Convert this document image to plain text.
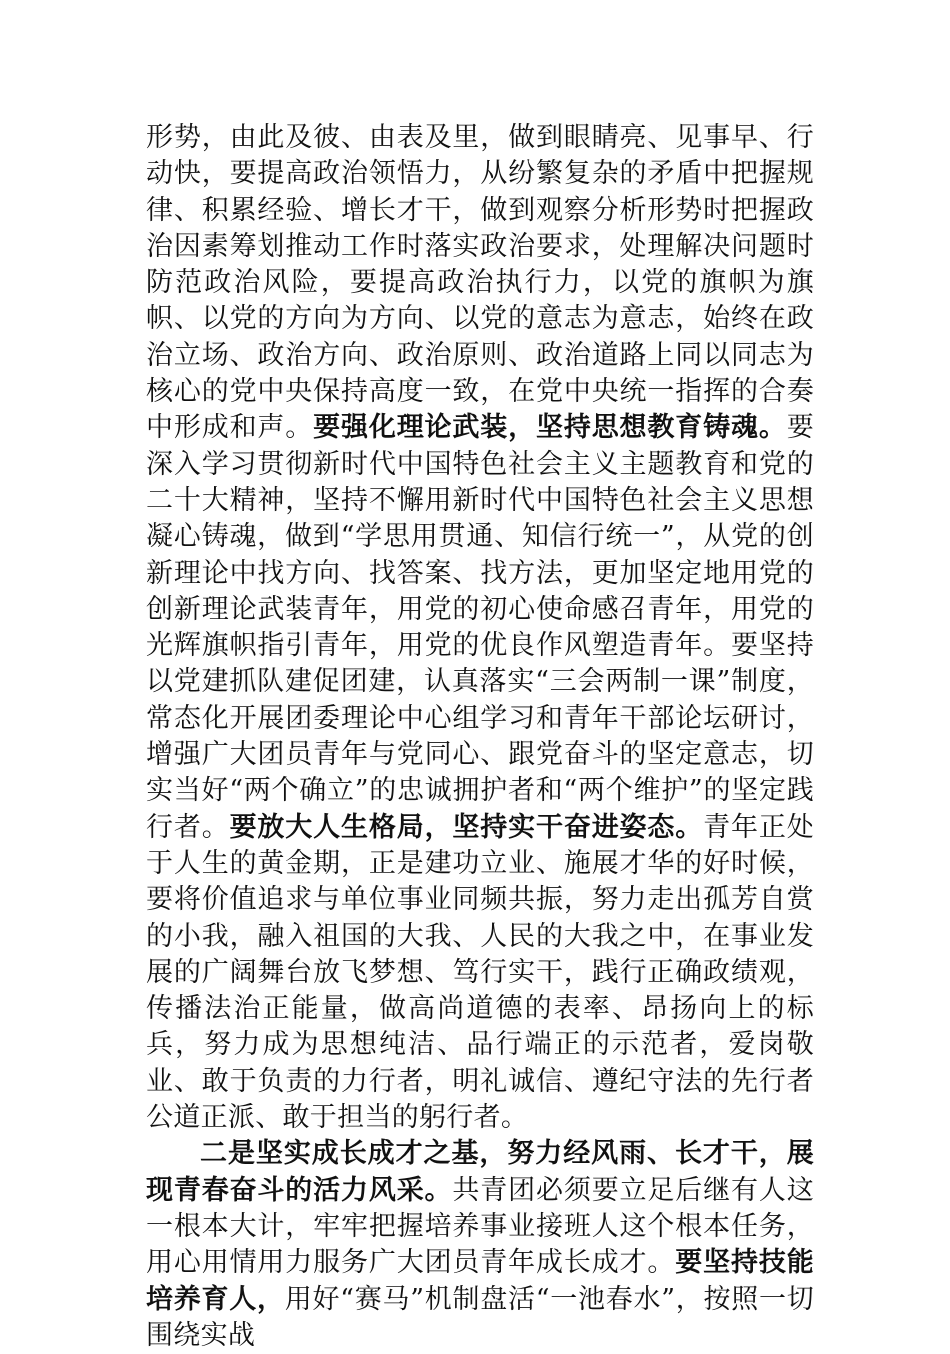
形势，由此及彼、由表及里，做到眼睛亮、见事早、行动快，要提高政治领悟力，从纷繁复杂的矛盾中把握规律、积累经验、增长才干，做到观察分析形势时把握政治因素筹划推动工作时落实政治要求，处理解决问题时防范政治风险，要提高政治执行力，以党的旗帜为旗帜、以党的方向为方向、以党的意志为意志，始终在政治立场、政治方向、政治原则、政治道路上同以同志为核心的党中央保持高度一致，在党中央统一指挥的合奏中形成和声。要强化理论武装，坚持思想教育铸魂。要深入学习贯彻新时代中国特色社会主义主题教育和党的二十大精神，坚持不懈用新时代中国特色社会主义思想凝心铸魂，做到“学思用贯通、知信行统一”，从党的创新理论中找方向、找答案、找方法，更加坚定地用党的创新理论武装青年，用党的初心使命感召青年，用党的光辉旗帜指引青年，用党的优良作风塑造青年。要坚持以党建抓队建促团建，认真落实“三会两制一课”制度，常态化开展团委理论中心组学习和青年干部论坛研讨，增强广大团员青年与党同心、跟党奋斗的坚定意志，切实当好“两个确立”的忠诚拥护者和“两个维护”的坚定践行者。要放大人生格局，坚持实干奋进姿态。青年正处于人生的黄金期，正是建功立业、施展才华的好时候，要将价值追求与单位事业同频共振，努力走出孤芳自赏的小我，融入祖国的大我、人民的大我之中，在事业发展的广阔舞台放飞梦想、笃行实干，践行正确政绩观，传播法治正能量，做高尚道德的表率、昂扬向上的标兵，努力成为思想纯洁、品行端正的示范者，爱岗敬业、敢于负责的力行者，明礼诚信、遵纪守法的先行者公道正派、敢于担当的躬行者。

二是坚实成长成才之基，努力经风雨、长才干，展现青春奋斗的活力风采。共青团必须要立足后继有人这一根本大计，牢牢把握培养事业接班人这个根本任务，用心用情用力服务广大团员青年成长成才。要坚持技能培养育人，用好“赛马”机制盘活“一池春水”，按照一切围绕实战
